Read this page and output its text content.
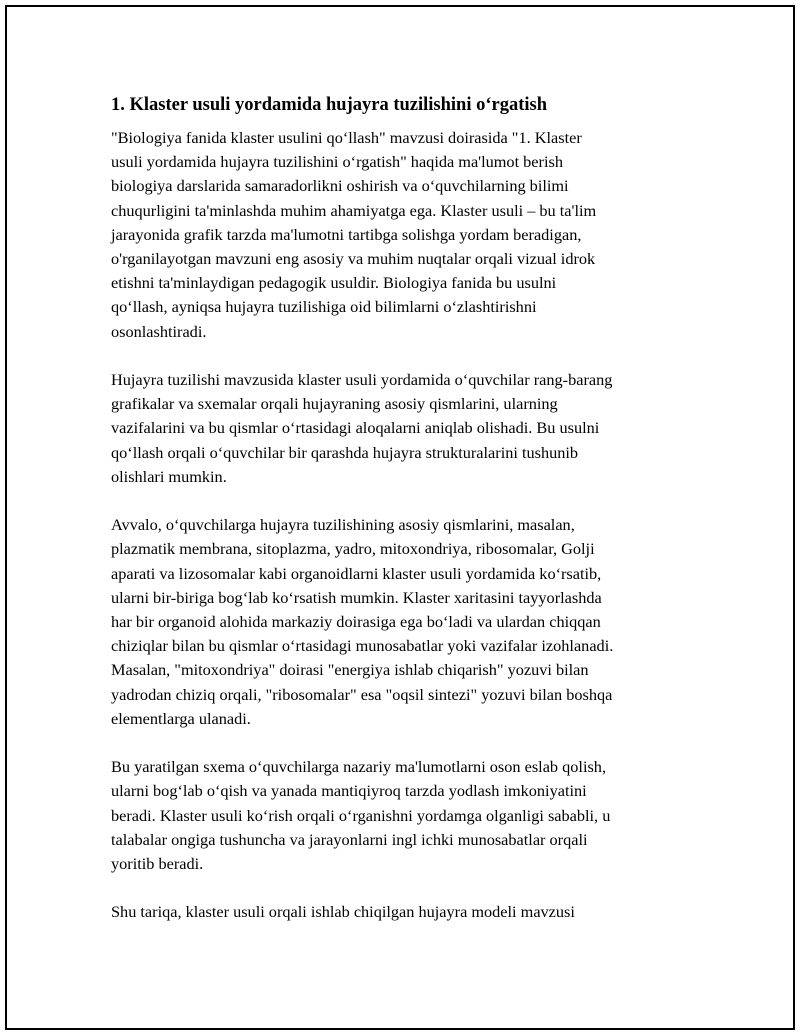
1. Klaster usuli yordamida hujayra tuzilishini o‘rgatish

"Biologiya fanida klaster usulini qo‘llash" mavzusi doirasida "1. Klaster
usuli yordamida hujayra tuzilishini o‘rgatish" haqida ma'lumot berish
biologiya darslarida samaradorlikni oshirish va o‘quvchilarning bilimi
chuqurligini ta'minlashda muhim ahamiyatga ega. Klaster usuli – bu ta'lim
jarayonida grafik tarzda ma'lumotni tartibga solishga yordam beradigan,
o'rganilayotgan mavzuni eng asosiy va muhim nuqtalar orqali vizual idrok
etishni ta'minlaydigan pedagogik usuldir. Biologiya fanida bu usulni
qo‘llash, ayniqsa hujayra tuzilishiga oid bilimlarni o‘zlashtirishni
osonlashtiradi.

Hujayra tuzilishi mavzusida klaster usuli yordamida o‘quvchilar rang-barang
grafikalar va sxemalar orqali hujayraning asosiy qismlarini, ularning
vazifalarini va bu qismlar o‘rtasidagi aloqalarni aniqlab olishadi. Bu usulni
qo‘llash orqali o‘quvchilar bir qarashda hujayra strukturalarini tushunib
olishlari mumkin.

Avvalo, o‘quvchilarga hujayra tuzilishining asosiy qismlarini, masalan,
plazmatik membrana, sitoplazma, yadro, mitoxondriya, ribosomalar, Golji
aparati va lizosomalar kabi organoidlarni klaster usuli yordamida ko‘rsatib,
ularni bir-biriga bog‘lab ko‘rsatish mumkin. Klaster xaritasini tayyorlashda
har bir organoid alohida markaziy doirasiga ega bo‘ladi va ulardan chiqqan
chiziqlar bilan bu qismlar o‘rtasidagi munosabatlar yoki vazifalar izohlanadi.
Masalan, "mitoxondriya" doirasi "energiya ishlab chiqarish" yozuvi bilan
yadrodan chiziq orqali, "ribosomalar" esa "oqsil sintezi" yozuvi bilan boshqa
elementlarga ulanadi.

Bu yaratilgan sxema o‘quvchilarga nazariy ma'lumotlarni oson eslab qolish,
ularni bog‘lab o‘qish va yanada mantiqiyroq tarzda yodlash imkoniyatini
beradi. Klaster usuli ko‘rish orqali o‘rganishni yordamga olganligi sababli, u
talabalar ongiga tushuncha va jarayonlarni ingl ichki munosabatlar orqali
yoritib beradi.

Shu tariqa, klaster usuli orqali ishlab chiqilgan hujayra modeli mavzusi
